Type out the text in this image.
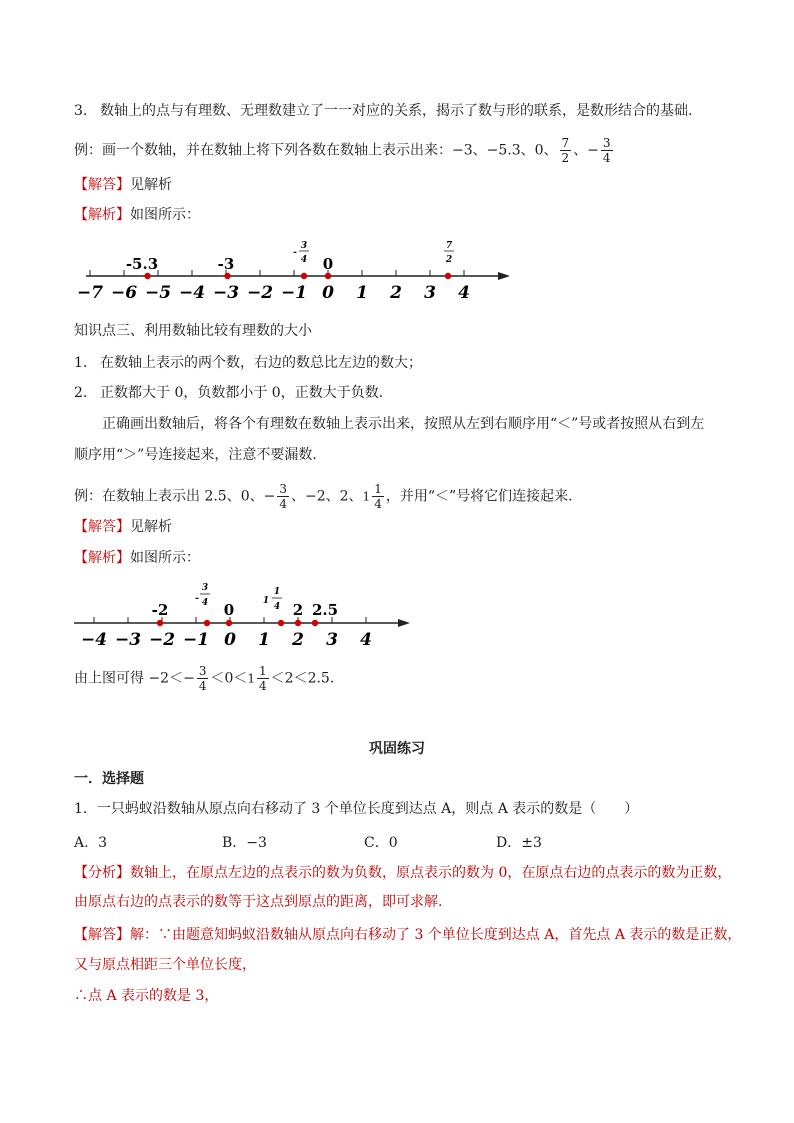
3. 数轴上的点与有理数、无理数建立了一一对应的关系，揭示了数与形的联系，是数形结合的基础.
例：画一个数轴，并在数轴上将下列各数在数轴上表示出来：−3、−5.3、0、 $\frac{7}{2}$ 、− $\frac{3}{4}$
【解答】见解析
【解析】如图所示：
−7 −6 −5 −4 −3 −2 −1 0 1 2 3 4
-5.3	-3	0
-
3
4
7
2
知识点三、利用数轴比较有理数的大小
1. 在数轴上表示的两个数，右边的数总比左边的数大；
2. 正数都大于 0，负数都小于 0，正数大于负数.
正确画出数轴后，将各个有理数在数轴上表示出来，按照从左到右顺序用“＜”号或者按照从右到左
顺序用“＞”号连接起来，注意不要漏数.
例：在数轴上表示出 2.5、0、− $\frac{3}{4}$ 、−2、2、$1 \frac{1}{4}$ ，并用“＜”号将它们连接起来.
【解答】见解析
【解析】如图所示：
−4 −3 −2 −1 0 1 2 3 4
-2	0	2 2.5
-
3
4	1
1
4
由上图可得 $-2<- \frac{3}{4} <0<1 \frac{1}{4} <2<2.5$.
巩固练习
一．选择题
1．一只蚂蚁沿数轴从原点向右移动了 3 个单位长度到达点 A，则点 A 表示的数是（　　）
A．3	B．−3	C．0	D．±3
【分析】数轴上，在原点左边的点表示的数为负数，原点表示的数为 0，在原点右边的点表示的数为正数，
由原点右边的点表示的数等于这点到原点的距离，即可求解.
【解答】解：∵由题意知蚂蚁沿数轴从原点向右移动了 3 个单位长度到达点 A，首先点 A 表示的数是正数，
又与原点相距三个单位长度，
∴点 A 表示的数是 3，
